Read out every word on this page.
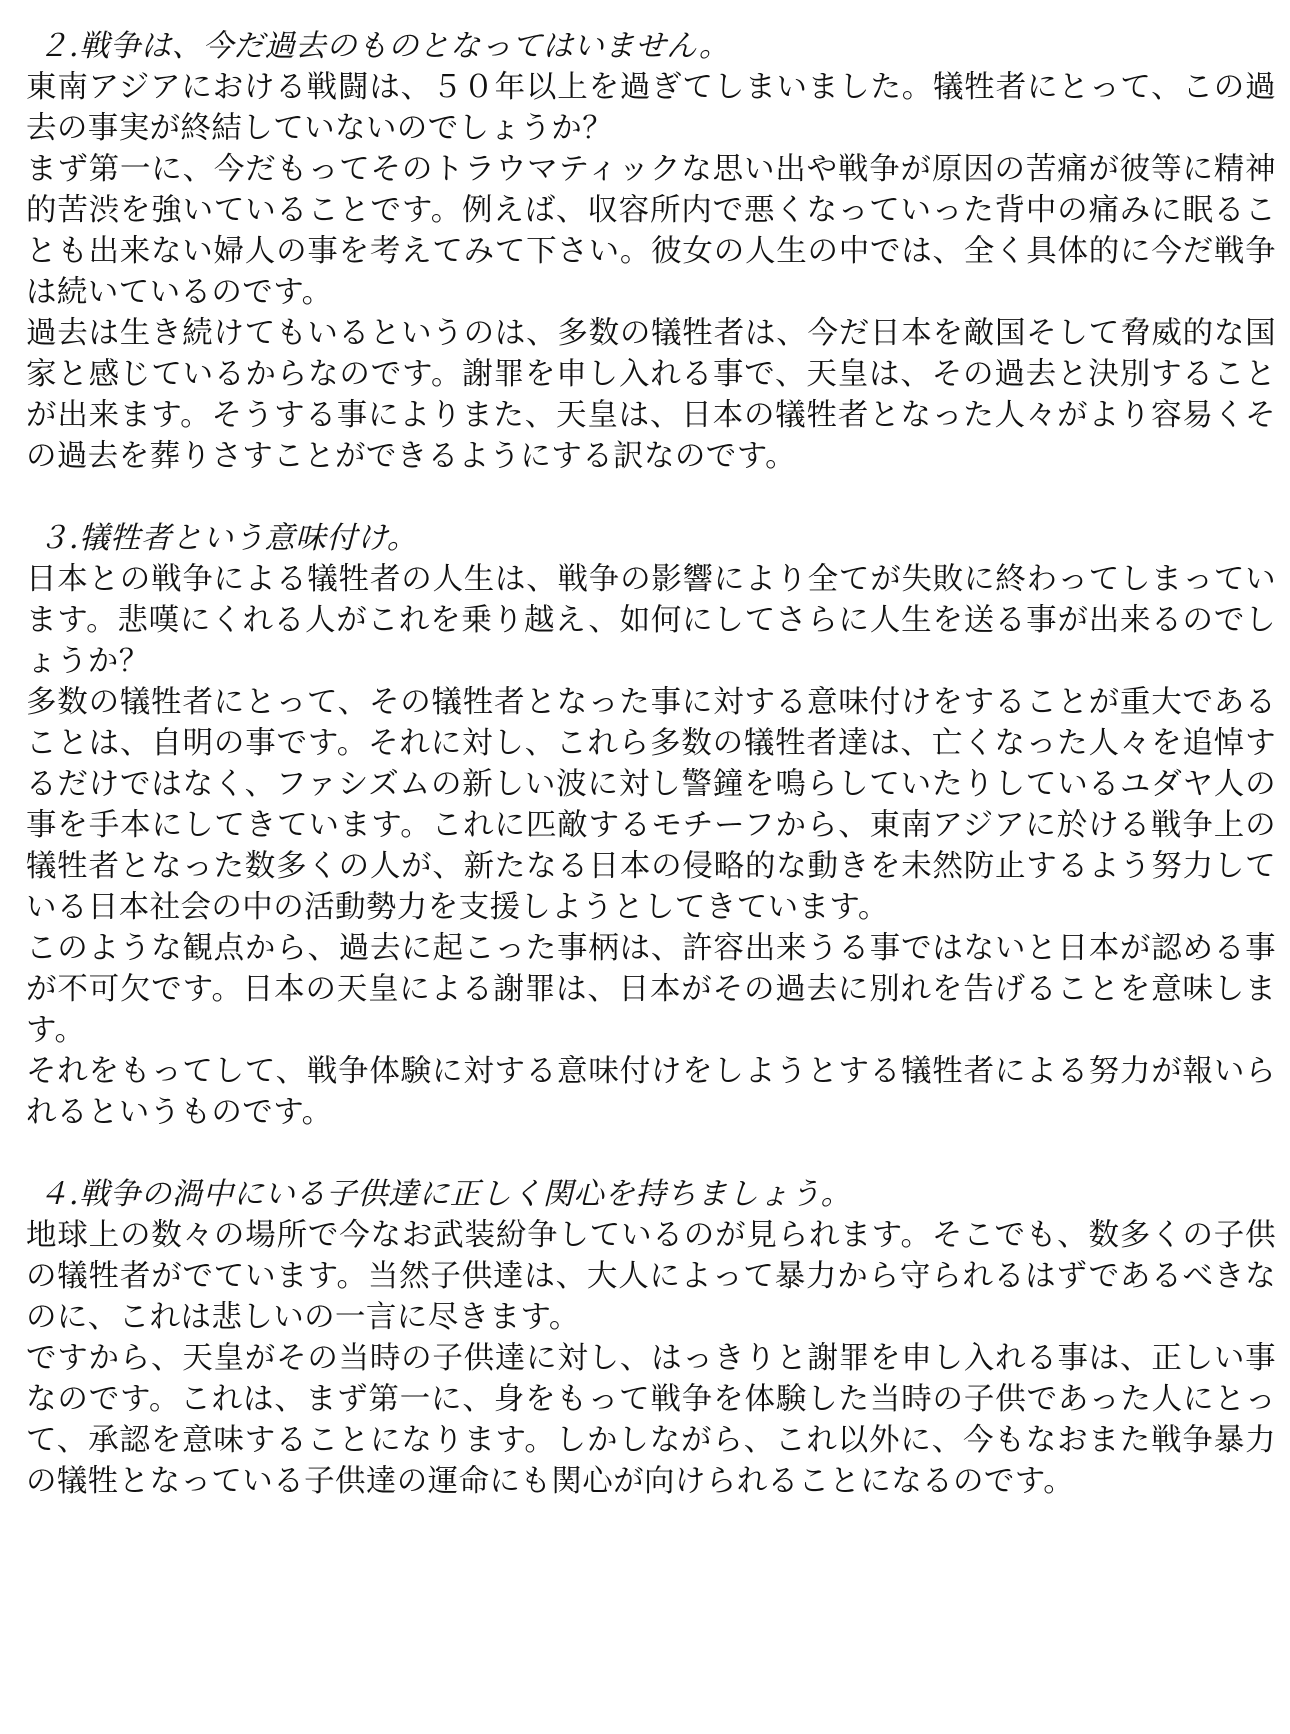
２.戦争は、今だ過去のものとなってはいません。

東南アジアにおける戦闘は、５０年以上を過ぎてしまいました。犠牲者にとって、この過去の事実が終結していないのでしょうか？

まず第一に、今だもってそのトラウマティックな思い出や戦争が原因の苦痛が彼等に精神的苦渋を強いていることです。例えば、収容所内で悪くなっていった背中の痛みに眠ることも出来ない婦人の事を考えてみて下さい。彼女の人生の中では、全く具体的に今だ戦争は続いているのです。

過去は生き続けてもいるというのは、多数の犠牲者は、今だ日本を敵国そして脅威的な国家と感じているからなのです。謝罪を申し入れる事で、天皇は、その過去と決別することが出来ます。そうする事によりまた、天皇は、日本の犠牲者となった人々がより容易くその過去を葬りさすことができるようにする訳なのです。

３.犠牲者という意味付け。

日本との戦争による犠牲者の人生は、戦争の影響により全てが失敗に終わってしまっています。悲嘆にくれる人がこれを乗り越え、如何にしてさらに人生を送る事が出来るのでしょうか？

多数の犠牲者にとって、その犠牲者となった事に対する意味付けをすることが重大であることは、自明の事です。それに対し、これら多数の犠牲者達は、亡くなった人々を追悼するだけではなく、ファシズムの新しい波に対し警鐘を鳴らしていたりしているユダヤ人の事を手本にしてきています。これに匹敵するモチーフから、東南アジアに於ける戦争上の犠牲者となった数多くの人が、新たなる日本の侵略的な動きを未然防止するよう努力している日本社会の中の活動勢力を支援しようとしてきています。

このような観点から、過去に起こった事柄は、許容出来うる事ではないと日本が認める事が不可欠です。日本の天皇による謝罪は、日本がその過去に別れを告げることを意味します。

それをもってして、戦争体験に対する意味付けをしようとする犠牲者による努力が報いられるというものです。

４.戦争の渦中にいる子供達に正しく関心を持ちましょう。

地球上の数々の場所で今なお武装紛争しているのが見られます。そこでも、数多くの子供の犠牲者がでています。当然子供達は、大人によって暴力から守られるはずであるべきなのに、これは悲しいの一言に尽きます。

ですから、天皇がその当時の子供達に対し、はっきりと謝罪を申し入れる事は、正しい事なのです。これは、まず第一に、身をもって戦争を体験した当時の子供であった人にとって、承認を意味することになります。しかしながら、これ以外に、今もなおまた戦争暴力の犠牲となっている子供達の運命にも関心が向けられることになるのです。
